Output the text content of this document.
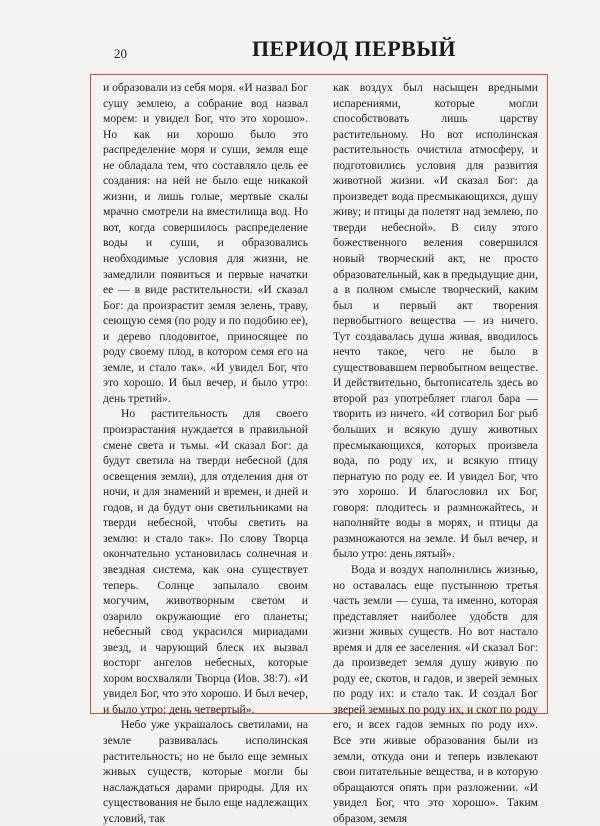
20	ПЕРИОД ПЕРВЫЙ

и образовали из себя моря. «И назвал Бог сушу землею, а собрание вод назвал морем: и увидел Бог, что это хорошо». Но как ни хорошо было это распределение моря и суши, земля еще не обладала тем, что составляло цель ее создания: на ней не было еще никакой жизни, и лишь голые, мертвые скалы мрачно смотрели на вместилища вод. Но вот, когда совершилось распределение воды и суши, и образовались необходимые условия для жизни, не замедлили появиться и первые начатки ее — в виде растительности. «И сказал Бог: да произрастит земля зелень, траву, сеющую семя (по роду и по подобию ее), и дерево плодовитое, приносящее по роду своему плод, в котором семя его на земле, и стало так». «И увидел Бог, что это хорошо. И был вечер, и было утро: день третий».

Но растительность для своего произрастания нуждается в правильной смене света и тьмы. «И сказал Бог: да будут светила на тверди небесной (для освещения земли), для отделения дня от ночи, и для знамений и времен, и дней и годов, и да будут они светильниками на тверди небесной, чтобы светить на землю: и стало так». По слову Творца окончательно установилась солнечная и звездная система, как она существует теперь. Солнце запылало своим могучим, животворным светом и озарило окружающие его планеты; небесный свод украсился мириадами звезд, и чарующий блеск их вызвал восторг ангелов небесных, которые хором восхваляли Творца (Иов. 38:7). «И увидел Бог, что это хорошо. И был вечер, и было утро: день четвертый».

Небо уже украшалось светилами, на земле развивалась исполинская растительность; но не было еще земных живых существ, которые могли бы наслаждаться дарами природы. Для их существования не было еще надлежащих условий, так

как воздух был насыщен вредными испарениями, которые могли способствовать лишь царству растительному. Но вот исполинская растительность очистила атмосферу, и подготовились условия для развития животной жизни. «И сказал Бог: да произведет вода пресмыкающихся, душу живу; и птицы да полетят над землею, по тверди небесной». В силу этого божественного веления совершился новый творческий акт, не просто образовательный, как в предыдущие дни, а в полном смысле творческий, каким был и первый акт творения первобытного вещества — из ничего. Тут создавалась душа живая, вводилось нечто такое, чего не было в существовавшем первобытном веществе. И действительно, бытописатель здесь во второй раз употребляет глагол бара — творить из ничего. «И сотворил Бог рыб больших и всякую душу животных пресмыкающихся, которых произвела вода, по роду их, и всякую птицу пернатую по роду ее. И увидел Бог, что это хорошо. И благословил их Бог, говоря: плодитесь и размножайтесь, и наполняйте воды в морях, и птицы да размножаются на земле. И был вечер, и было утро: день пятый».

Вода и воздух наполнились жизнью, но оставалась еще пустынною третья часть земли — суша, та именно, которая представляет наиболее удобств для жизни живых существ. Но вот настало время и для ее заселения. «И сказал Бог: да произведет земля душу живую по роду ее, скотов, и гадов, и зверей земных по роду их: и стало так. И создал Бог зверей земных по роду их, и скот по роду его, и всех гадов земных по роду их». Все эти живые образования были из земли, откуда они и теперь извлекают свои питательные вещества, и в которую обращаются опять при разложении. «И увидел Бог, что это хорошо». Таким образом, земля
